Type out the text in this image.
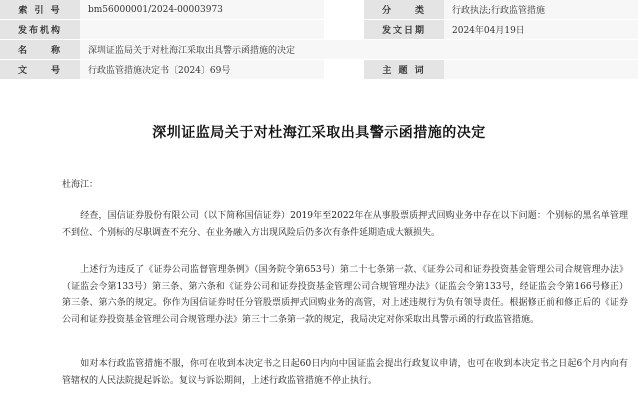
索 引 号	bm56000001/2024-00003973		分　　类	行政执法;行政监管措施
发布机构			发文日期	2024年04月19日
名　　称	深圳证监局关于对杜海江采取出具警示函措施的决定			
文　　号	行政监管措施决定书〔2024〕69号		主 题 词	
深圳证监局关于对杜海江采取出具警示函措施的决定
杜海江：

　　经查，国信证券股份有限公司（以下简称国信证券）2019年至2022年在从事股票质押式回购业务中存在以下问题：个别标的黑名单管理不到位、个别标的尽职调查不充分、在业务融入方出现风险后仍多次有条件延期造成大额损失。

　　上述行为违反了《证券公司监督管理条例》（国务院令第653号）第二十七条第一款、《证券公司和证券投资基金管理公司合规管理办法》（证监会令第133号）第三条、第六条和《证券公司和证券投资基金管理公司合规管理办法》（证监会令第133号，经证监会令第166号修正）第三条、第六条的规定。你作为国信证券时任分管股票质押式回购业务的高管，对上述违规行为负有领导责任。根据修正前和修正后的《证券公司和证券投资基金管理公司合规管理办法》第三十二条第一款的规定，我局决定对你采取出具警示函的行政监管措施。

　　如对本行政监管措施不服，你可在收到本决定书之日起60日内向中国证监会提出行政复议申请，也可在收到本决定书之日起6个月内向有管辖权的人民法院提起诉讼。复议与诉讼期间，上述行政监管措施不停止执行。
